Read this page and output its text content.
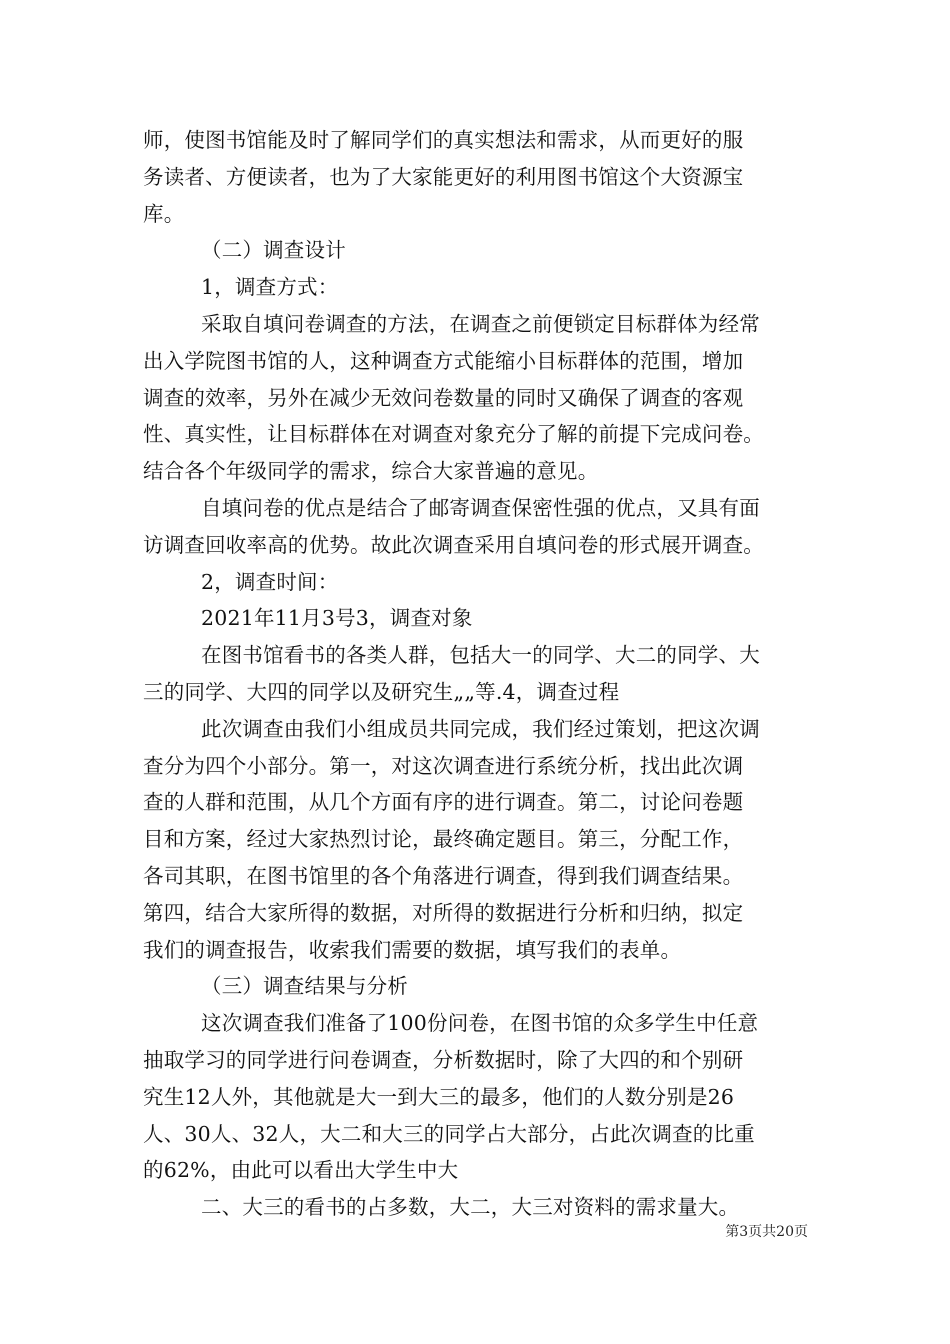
师，使图书馆能及时了解同学们的真实想法和需求，从而更好的服
务读者、方便读者，也为了大家能更好的利用图书馆这个大资源宝
库。
（二）调查设计
1，调查方式：
采取自填问卷调查的方法，在调查之前便锁定目标群体为经常
出入学院图书馆的人，这种调查方式能缩小目标群体的范围，增加
调查的效率，另外在减少无效问卷数量的同时又确保了调查的客观
性、真实性，让目标群体在对调查对象充分了解的前提下完成问卷。
结合各个年级同学的需求，综合大家普遍的意见。
自填问卷的优点是结合了邮寄调查保密性强的优点，又具有面
访调查回收率高的优势。故此次调查采用自填问卷的形式展开调查。
2，调查时间：
2021年11月3号3，调查对象
在图书馆看书的各类人群，包括大一的同学、大二的同学、大
三的同学、大四的同学以及研究生„„等.4，调查过程
此次调查由我们小组成员共同完成，我们经过策划，把这次调
查分为四个小部分。第一，对这次调查进行系统分析，找出此次调
查的人群和范围，从几个方面有序的进行调查。第二，讨论问卷题
目和方案，经过大家热烈讨论，最终确定题目。第三，分配工作，
各司其职，在图书馆里的各个角落进行调查，得到我们调查结果。
第四，结合大家所得的数据，对所得的数据进行分析和归纳，拟定
我们的调查报告，收索我们需要的数据，填写我们的表单。
（三）调查结果与分析
这次调查我们准备了100份问卷，在图书馆的众多学生中任意
抽取学习的同学进行问卷调查，分析数据时，除了大四的和个别研
究生12人外，其他就是大一到大三的最多，他们的人数分别是26
人、30人、32人，大二和大三的同学占大部分，占此次调查的比重
的62%，由此可以看出大学生中大
二、大三的看书的占多数，大二，大三对资料的需求量大。
第3页共20页
